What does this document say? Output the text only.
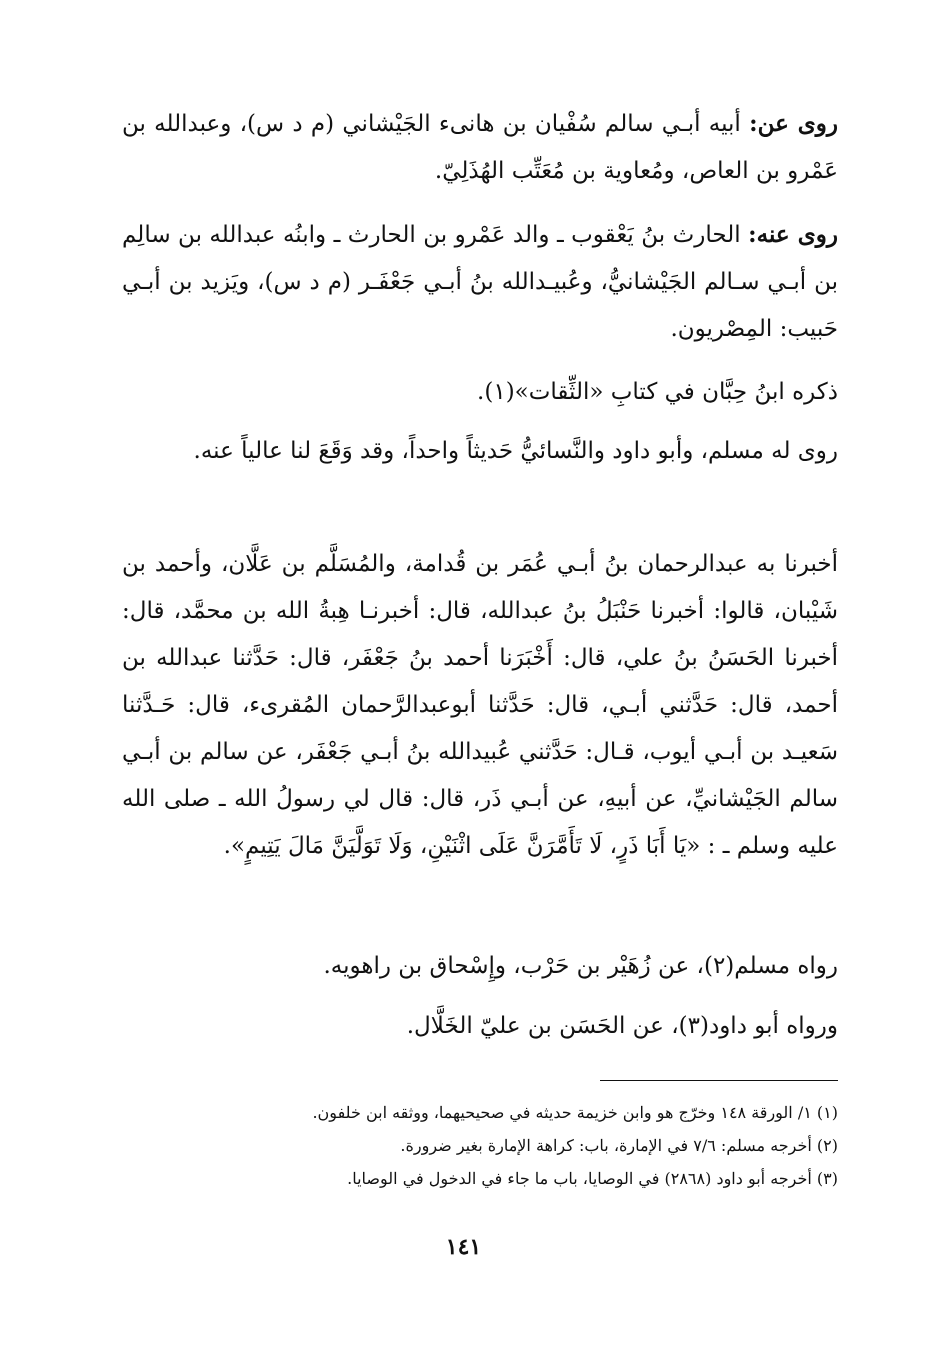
روى عن: أبيه أبـي سالم سُفْيان بن هانىء الجَيْشاني (م د س)، وعبدالله بن عَمْرو بن العاص، ومُعاوية بن مُعَتِّب الهُذَلِيّ.

روى عنه: الحارث بنُ يَعْقوب ـ والد عَمْرو بن الحارث ـ وابنُه عبدالله بن سالِم بن أبـي سـالم الجَيْشانيُّ، وعُبيـدالله بنُ أبـي جَعْفَـر (م د س)، ويَزيد بن أبـي حَبيب: المِصْريون.

ذكره ابنُ حِبَّان في كتابِ «الثِّقات»(١).

روى له مسلم، وأبو داود والنَّسائيُّ حَديثاً واحداً، وقد وَقَعَ لنا عالياً عنه.

أخبرنا به عبدالرحمان بنُ أبـي عُمَر بن قُدامة، والمُسَلَّم بن عَلَّان، وأحمد بن شَيْبان، قالوا: أخبرنا حَنْبَلُ بنُ عبدالله، قال: أخبرنـا هِبةُ الله بن محمَّد، قال: أخبرنا الحَسَنُ بنُ علي، قال: أَخْبَرَنا أحمد بنُ جَعْفَر، قال: حَدَّثنا عبدالله بن أحمد، قال: حَدَّثني أبـي، قال: حَدَّثنا أبوعبدالرَّحمان المُقرىء، قال: حَـدَّثنا سَعيـد بن أبـي أيوب، قـال: حَدَّثني عُبيدالله بنُ أبـي جَعْفَر، عن سالم بن أبـي سالم الجَيْشانيِّ، عن أبيهِ، عن أبـي ذَر، قال: قال لي رسولُ الله ـ صلى الله عليه وسلم ـ : «يَا أَبَا ذَرٍ، لَا تَأَمَّرَنَّ عَلَى اثْنَيْنِ، وَلَا تَوَلَّيَنَّ مَالَ يَتِيمٍ».

رواه مسلم(٢)، عن زُهَيْر بن حَرْب، وإِسْحاق بن راهويه.

ورواه أبو داود(٣)، عن الحَسَن بن عليّ الخَلَّال.

(١) ١/ الورقة ١٤٨ وخرّج هو وابن خزيمة حديثه في صحيحيهما، ووثقه ابن خلفون.

(٢) أخرجه مسلم: ٧/٦ في الإمارة، باب: كراهة الإمارة بغير ضرورة.

(٣) أخرجه أبو داود (٢٨٦٨) في الوصايا، باب ما جاء في الدخول في الوصايا.

١٤١
